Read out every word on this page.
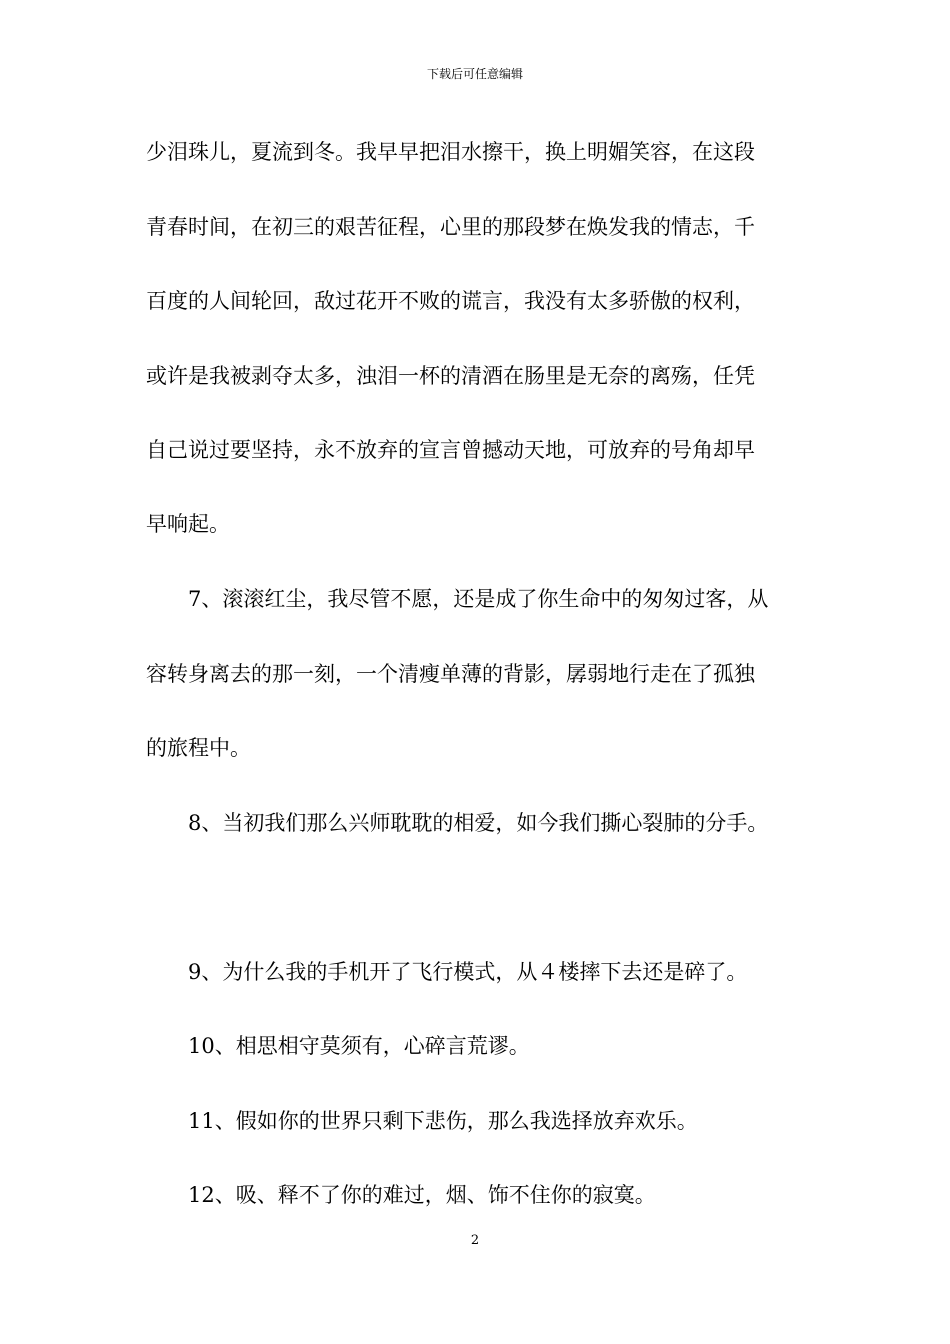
下载后可任意编辑
少泪珠儿，夏流到冬。我早早把泪水擦干，换上明媚笑容，在这段
青春时间，在初三的艰苦征程，心里的那段梦在焕发我的情志，千
百度的人间轮回，敌过花开不败的谎言，我没有太多骄傲的权利，
或许是我被剥夺太多，浊泪一杯的清酒在肠里是无奈的离殇，任凭
自己说过要坚持，永不放弃的宣言曾撼动天地，可放弃的号角却早
早响起。
7、滚滚红尘，我尽管不愿，还是成了你生命中的匆匆过客，从
容转身离去的那一刻，一个清瘦单薄的背影，孱弱地行走在了孤独
的旅程中。
8、当初我们那么兴师耽耽的相爱，如今我们撕心裂肺的分手。
9、为什么我的手机开了飞行模式，从４楼摔下去还是碎了。
10、相思相守莫须有，心碎言荒谬。
11、假如你的世界只剩下悲伤，那么我选择放弃欢乐。
12、吸、释不了你的难过，烟、饰不住你的寂寞。
2
